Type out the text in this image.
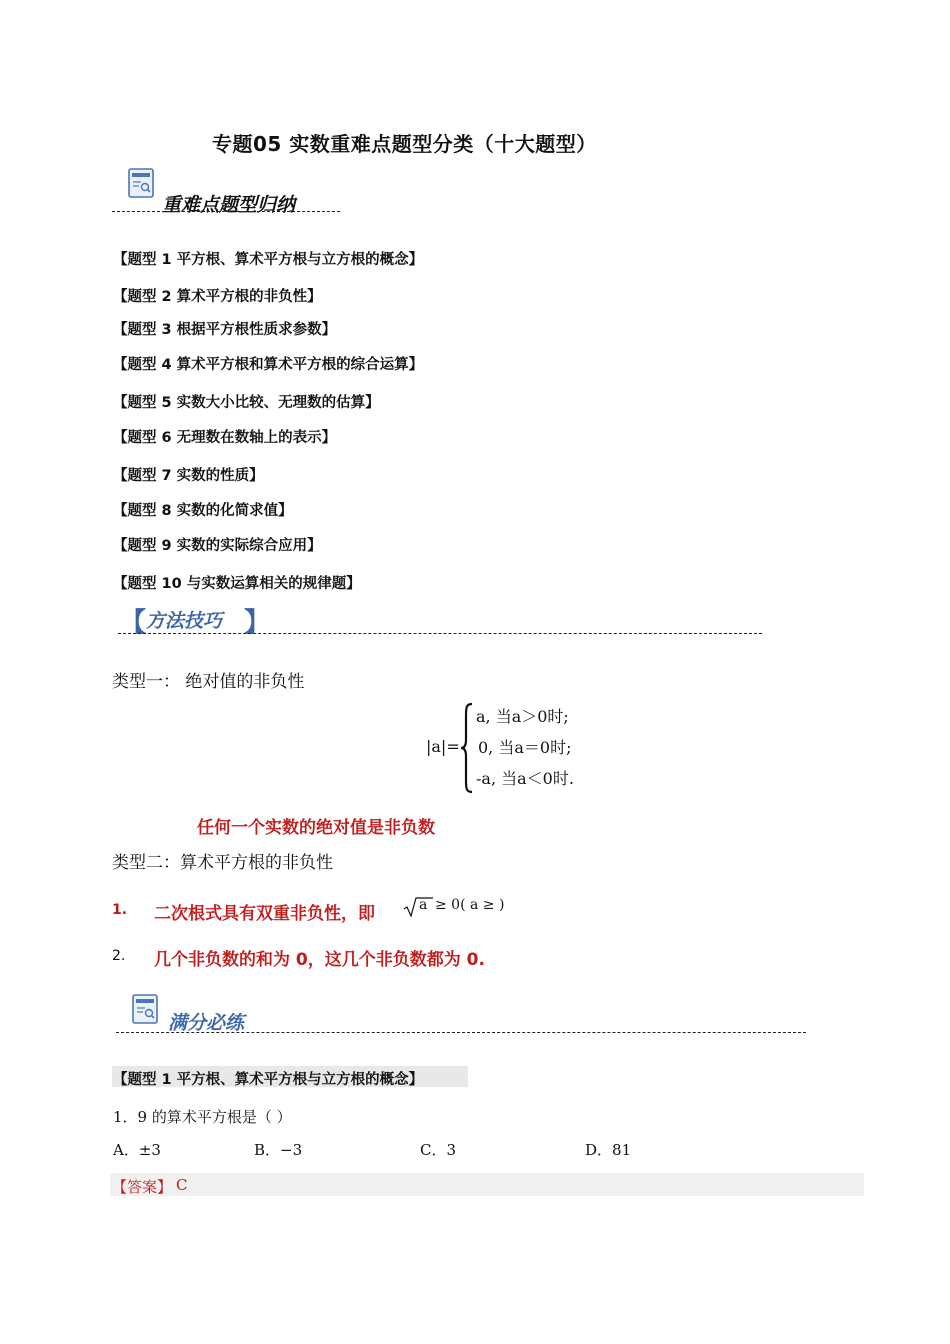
专题05 实数重难点题型分类（十大题型）
重难点题型归纳
【题型 1 平方根、算术平方根与立方根的概念】
【题型 2 算术平方根的非负性】
【题型 3 根据平方根性质求参数】
【题型 4 算术平方根和算术平方根的综合运算】
【题型 5 实数大小比较、无理数的估算】
【题型 6 无理数在数轴上的表示】
【题型 7 实数的性质】
【题型 8 实数的化简求值】
【题型 9 实数的实际综合应用】
【题型 10 与实数运算相关的规律题】
【 方法技巧 】
类型一： 绝对值的非负性
|a|=
a, 当a＞0时;
0, 当a＝0时;
-a, 当a＜0时.
任何一个实数的绝对值是非负数
类型二：算术平方根的非负性
1. 二次根式具有双重非负性，即	a ≥ 0( a ≥ )
2. 几个非负数的和为 0，这几个非负数都为 0.
满分必练
【题型 1 平方根、算术平方根与立方根的概念】
1．9 的算术平方根是（ ）
A．±3	B．−3	C．3	D．81
【答案】 C
